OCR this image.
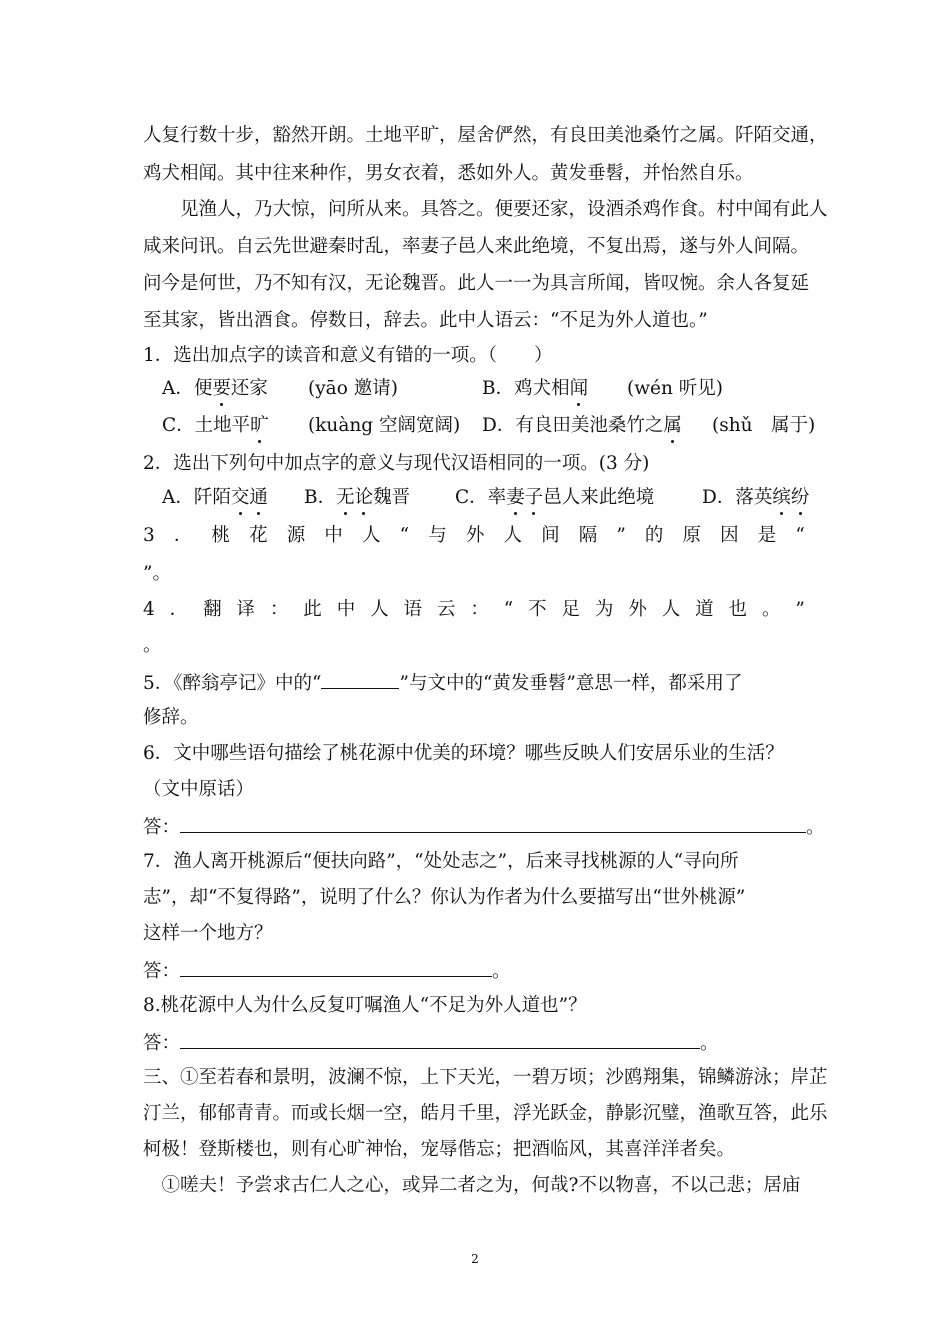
人复行数十步，豁然开朗。土地平旷，屋舍俨然，有良田美池桑竹之属。阡陌交通，
鸡犬相闻。其中往来种作，男女衣着，悉如外人。黄发垂髫，并怡然自乐。
　　见渔人，乃大惊，问所从来。具答之。便要还家，设酒杀鸡作食。村中闻有此人
咸来问讯。自云先世避秦时乱，率妻子邑人来此绝境，不复出焉，遂与外人间隔。
问今是何世，乃不知有汉，无论魏晋。此人一一为具言所闻，皆叹惋。余人各复延
至其家，皆出酒食。停数日，辞去。此中人语云：“不足为外人道也。”
1．选出加点字的读音和意义有错的一项。（　　）
A．便要还家 (yāo 邀请)	B．鸡犬相闻 (wén 听见)
C．土地平旷 (kuàng 空阔宽阔) D．有良田美池桑竹之属 (shǔ　属于)
2．选出下列句中加点字的意义与现代汉语相同的一项。(3 分)
A．阡陌交通 B．无论魏晋 C．率妻子邑人来此绝境	D．落英缤纷
3 ． 桃 花 源 中 人 “ 与 外 人 间 隔 ” 的 原 因 是 “
”。
4 ． 翻 译 ： 此 中 人 语 云 ： “ 不 足 为 外 人 道 也 。 ”
。
5．《醉翁亭记》中的“	”与文中的“黄发垂髫”意思一样，都采用了
修辞。
6．文中哪些语句描绘了桃花源中优美的环境？哪些反映人们安居乐业的生活？
（文中原话）
答：	。
7．渔人离开桃源后“便扶向路”，“处处志之”，后来寻找桃源的人“寻向所
志”，却“不复得路”，说明了什么？你认为作者为什么要描写出“世外桃源”
这样一个地方？
答：	。
8.桃花源中人为什么反复叮嘱渔人“不足为外人道也”？
答：	。
三、①至若春和景明，波澜不惊，上下天光，一碧万顷；沙鸥翔集，锦鳞游泳；岸芷
汀兰，郁郁青青。而或长烟一空，皓月千里，浮光跃金，静影沉璧，渔歌互答，此乐
柯极！登斯楼也，则有心旷神怡，宠辱偕忘；把酒临风，其喜洋洋者矣。
　①嗟夫！予尝求古仁人之心，或异二者之为，何哉?不以物喜，不以己悲；居庙
2
